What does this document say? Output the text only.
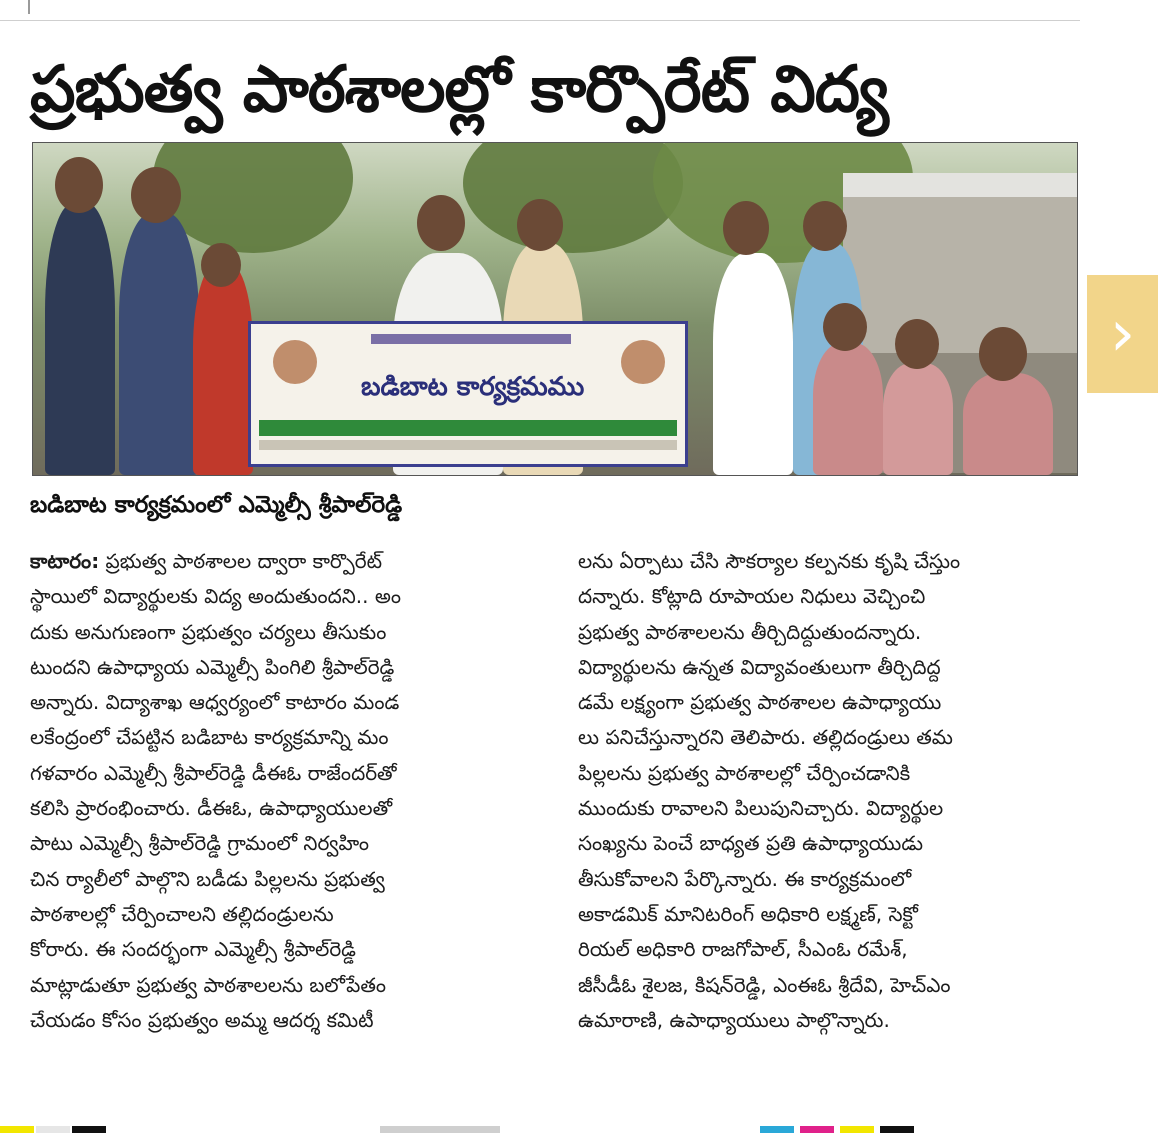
ప్రభుత్వ పాఠశాలల్లో కార్పొరేట్ విద్య
బడిబాట కార్యక్రమము
›
బడిబాట కార్యక్రమంలో ఎమ్మెల్సీ శ్రీపాల్‌రెడ్డి
కాటారం: ప్రభుత్వ పాఠశాలల ద్వారా కార్పొరేట్
స్థాయిలో విద్యార్థులకు విద్య అందుతుందని.. అం
దుకు అనుగుణంగా ప్రభుత్వం చర్యలు తీసుకుం
టుందని ఉపాధ్యాయ ఎమ్మెల్సీ పింగిలి శ్రీపాల్‌రెడ్డి
అన్నారు. విద్యాశాఖ ఆధ్వర్యంలో కాటారం మండ
లకేంద్రంలో చేపట్టిన బడిబాట కార్యక్రమాన్ని మం
గళవారం ఎమ్మెల్సీ శ్రీపాల్‌రెడ్డి డీఈఓ రాజేందర్‌తో
కలిసి ప్రారంభించారు. డీఈఓ, ఉపాధ్యాయులతో
పాటు ఎమ్మెల్సీ శ్రీపాల్‌రెడ్డి గ్రామంలో నిర్వహిం
చిన ర్యాలీలో పాల్గొని బడీడు పిల్లలను ప్రభుత్వ
పాఠశాలల్లో చేర్పించాలని తల్లిదండ్రులను
కోరారు. ఈ సందర్భంగా ఎమ్మెల్సీ శ్రీపాల్‌రెడ్డి
మాట్లాడుతూ ప్రభుత్వ పాఠశాలలను బలోపేతం
చేయడం కోసం ప్రభుత్వం అమ్మ ఆదర్శ కమిటీ
లను ఏర్పాటు చేసి సౌకర్యాల కల్పనకు కృషి చేస్తుం
దన్నారు. కోట్లాది రూపాయల నిధులు వెచ్చించి
ప్రభుత్వ పాఠశాలలను తీర్చిదిద్దుతుందన్నారు.
విద్యార్థులను ఉన్నత విద్యావంతులుగా తీర్చిదిద్ద
డమే లక్ష్యంగా ప్రభుత్వ పాఠశాలల ఉపాధ్యాయు
లు పనిచేస్తున్నారని తెలిపారు. తల్లిదండ్రులు తమ
పిల్లలను ప్రభుత్వ పాఠశాలల్లో చేర్పించడానికి
ముందుకు రావాలని పిలుపునిచ్చారు. విద్యార్థుల
సంఖ్యను పెంచే బాధ్యత ప్రతి ఉపాధ్యాయుడు
తీసుకోవాలని పేర్కొన్నారు. ఈ కార్యక్రమంలో
అకాడమిక్ మానిటరింగ్ అధికారి లక్ష్మణ్, సెక్టో
రియల్ అధికారి రాజగోపాల్, సీఎంఓ రమేశ్,
జీసీడీఓ శైలజ, కిషన్‌రెడ్డి, ఎంఈఓ శ్రీదేవి, హెచ్‌ఎం
ఉమారాణి, ఉపాధ్యాయులు పాల్గొన్నారు.
